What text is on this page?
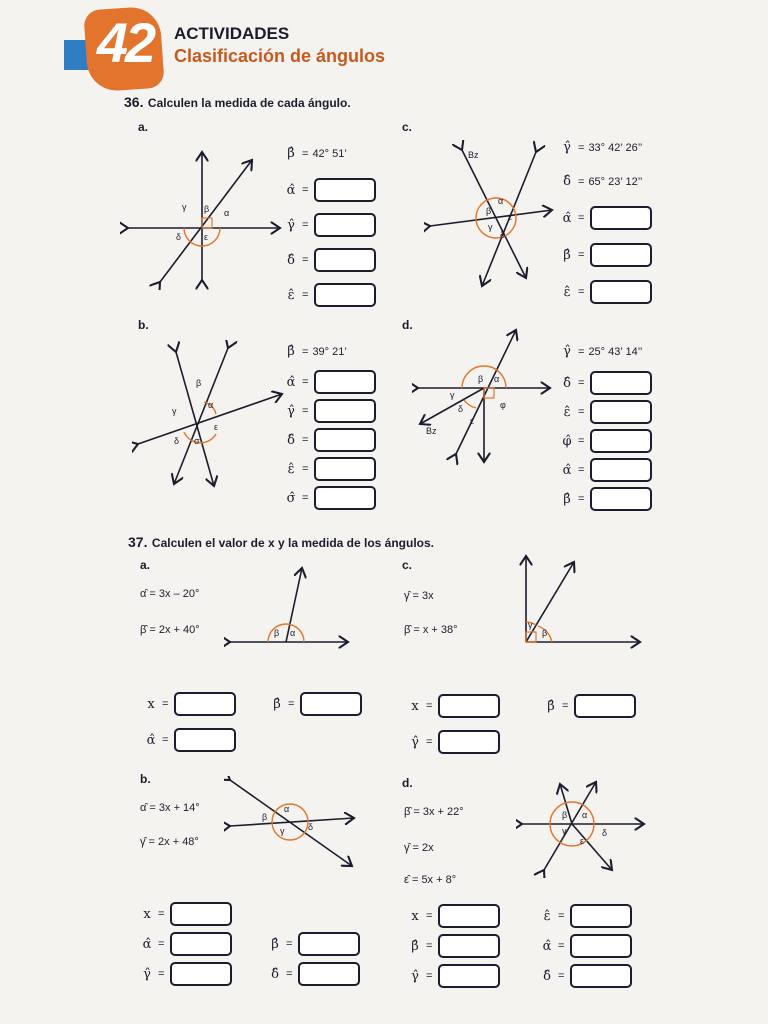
42	ACTIVIDADES
Clasificación de ángulos
36. Calculen la medida de cada ángulo.
a.
γ β α
δ	ε
β̂ = 42° 51’
α̂ =
γ̂ =
δ̂ =
ε̂ =
c.
Bz
α
β
ε
γ
δ
γ̂ = 33° 42’ 26’’
δ̂ = 65° 23’ 12’’
α̂ =
β̂ =
ε̂ =
b.
β
α
γ
ε
δ σ
β̂ = 39° 21’
α̂ =
γ̂ =
δ̂ =
ε̂ =
σ̂ =
d.
β α
γ
δ	φ
ε
Bz
γ̂ = 25° 43’ 14’’
δ̂ =
ε̂ =
φ̂ =
α̂ =
β̂ =
37. Calculen el valor de x y la medida de los ángulos.
a.
α̂ = 3x – 20°
β̂ = 2x + 40°	β α
x =	β̂ =
α̂ =
c.
γ̂ = 3x
β̂ = x + 38°	γ
β
x =	β̂ =
γ̂ =
b.
α̂ = 3x + 14°
γ̂ = 2x + 48°
β
α
γ	δ
x =
α̂ =	β̂ =
γ̂ =	δ̂ =
d.
β̂ = 3x + 22°
γ̂ = 2x
ε̂ = 5x + 8°
β α
γ	δ
ε
x =	ε̂ =
β̂ =	α̂ =
γ̂ =	δ̂ =
